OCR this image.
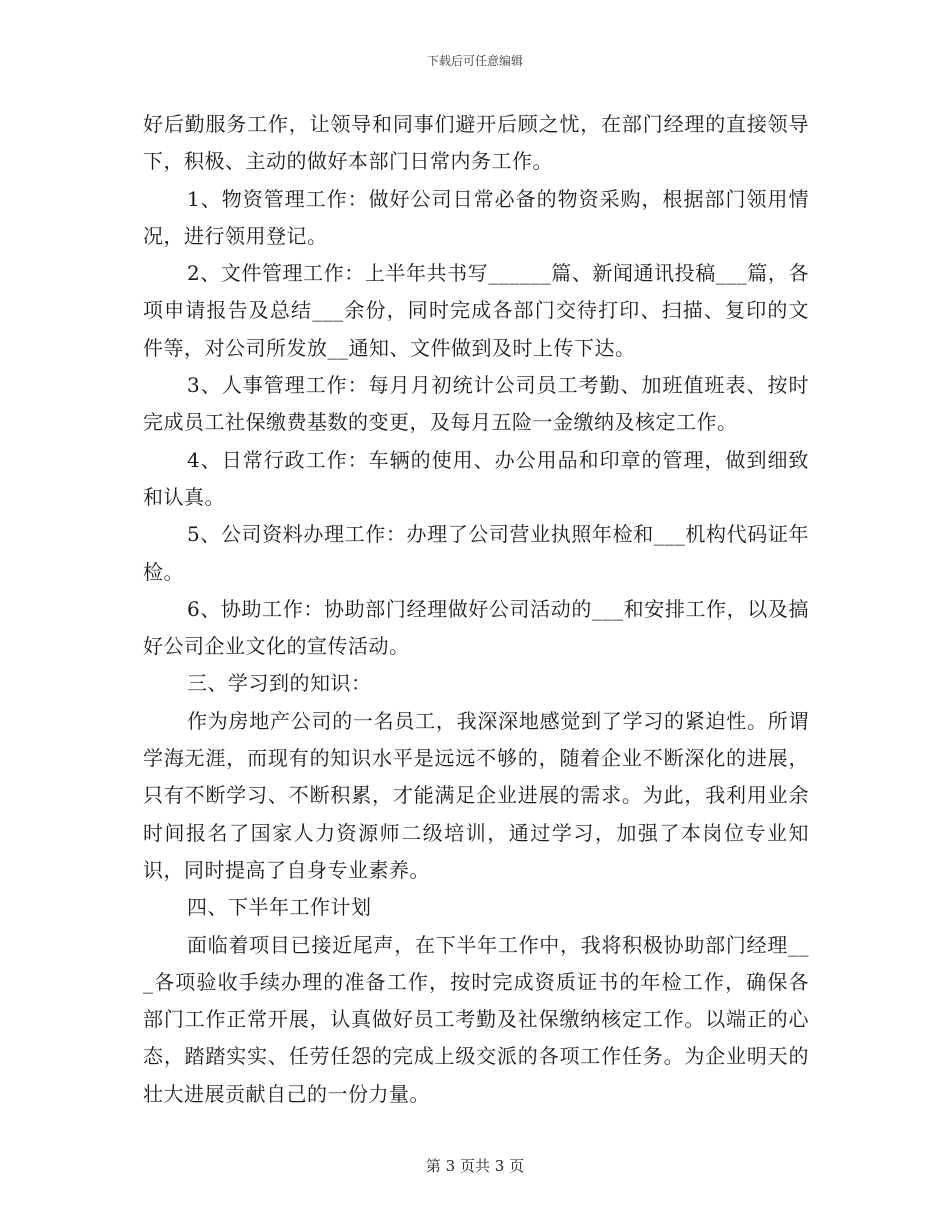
下载后可任意编辑

好后勤服务工作，让领导和同事们避开后顾之忧，在部门经理的直接领导下，积极、主动的做好本部门日常内务工作。

1、物资管理工作：做好公司日常必备的物资采购，根据部门领用情况，进行领用登记。

2、文件管理工作：上半年共书写______篇、新闻通讯投稿___篇，各项申请报告及总结___余份，同时完成各部门交待打印、扫描、复印的文件等，对公司所发放__通知、文件做到及时上传下达。

3、人事管理工作：每月月初统计公司员工考勤、加班值班表、按时完成员工社保缴费基数的变更，及每月五险一金缴纳及核定工作。

4、日常行政工作：车辆的使用、办公用品和印章的管理，做到细致和认真。

5、公司资料办理工作：办理了公司营业执照年检和___机构代码证年检。

6、协助工作：协助部门经理做好公司活动的___和安排工作，以及搞好公司企业文化的宣传活动。

三、学习到的知识：

作为房地产公司的一名员工，我深深地感觉到了学习的紧迫性。所谓学海无涯，而现有的知识水平是远远不够的，随着企业不断深化的进展，只有不断学习、不断积累，才能满足企业进展的需求。为此，我利用业余时间报名了国家人力资源师二级培训，通过学习，加强了本岗位专业知识，同时提高了自身专业素养。

四、下半年工作计划

面临着项目已接近尾声，在下半年工作中，我将积极协助部门经理___各项验收手续办理的准备工作，按时完成资质证书的年检工作，确保各部门工作正常开展，认真做好员工考勤及社保缴纳核定工作。以端正的心态，踏踏实实、任劳任怨的完成上级交派的各项工作任务。为企业明天的壮大进展贡献自己的一份力量。

第 3 页共 3 页
